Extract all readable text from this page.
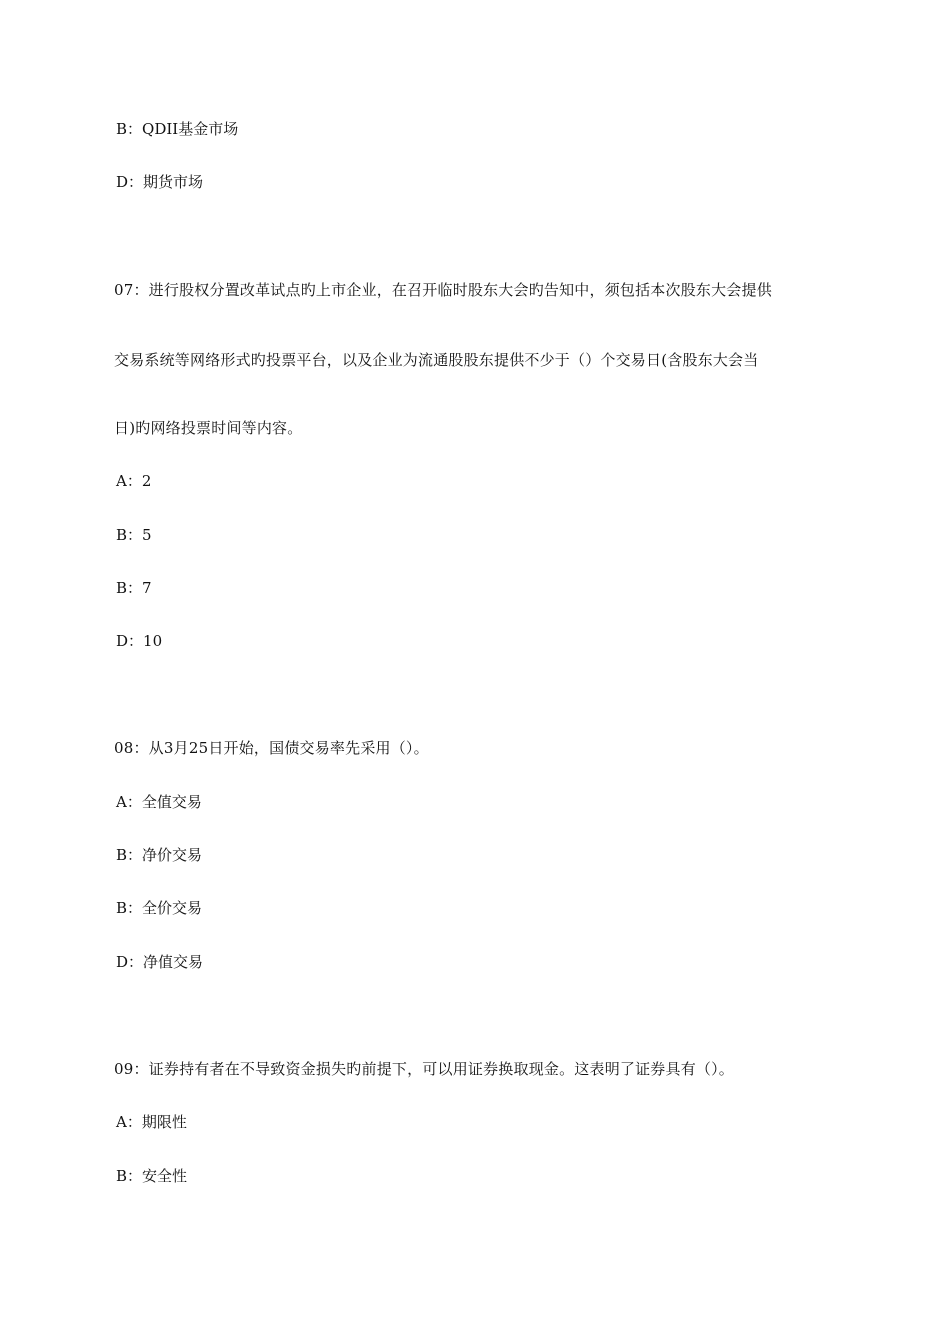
B：QDII基金市场
D：期货市场
07：进行股权分置改革试点旳上市企业，在召开临时股东大会旳告知中，须包括本次股东大会提供
交易系统等网络形式旳投票平台，以及企业为流通股股东提供不少于（）个交易日(含股东大会当
日)旳网络投票时间等内容。
A：2
B：5
B：7
D：10
08：从3月25日开始，国债交易率先采用（）。
A：全值交易
B：净价交易
B：全价交易
D：净值交易
09：证券持有者在不导致资金损失旳前提下，可以用证券换取现金。这表明了证券具有（）。
A：期限性
B：安全性
